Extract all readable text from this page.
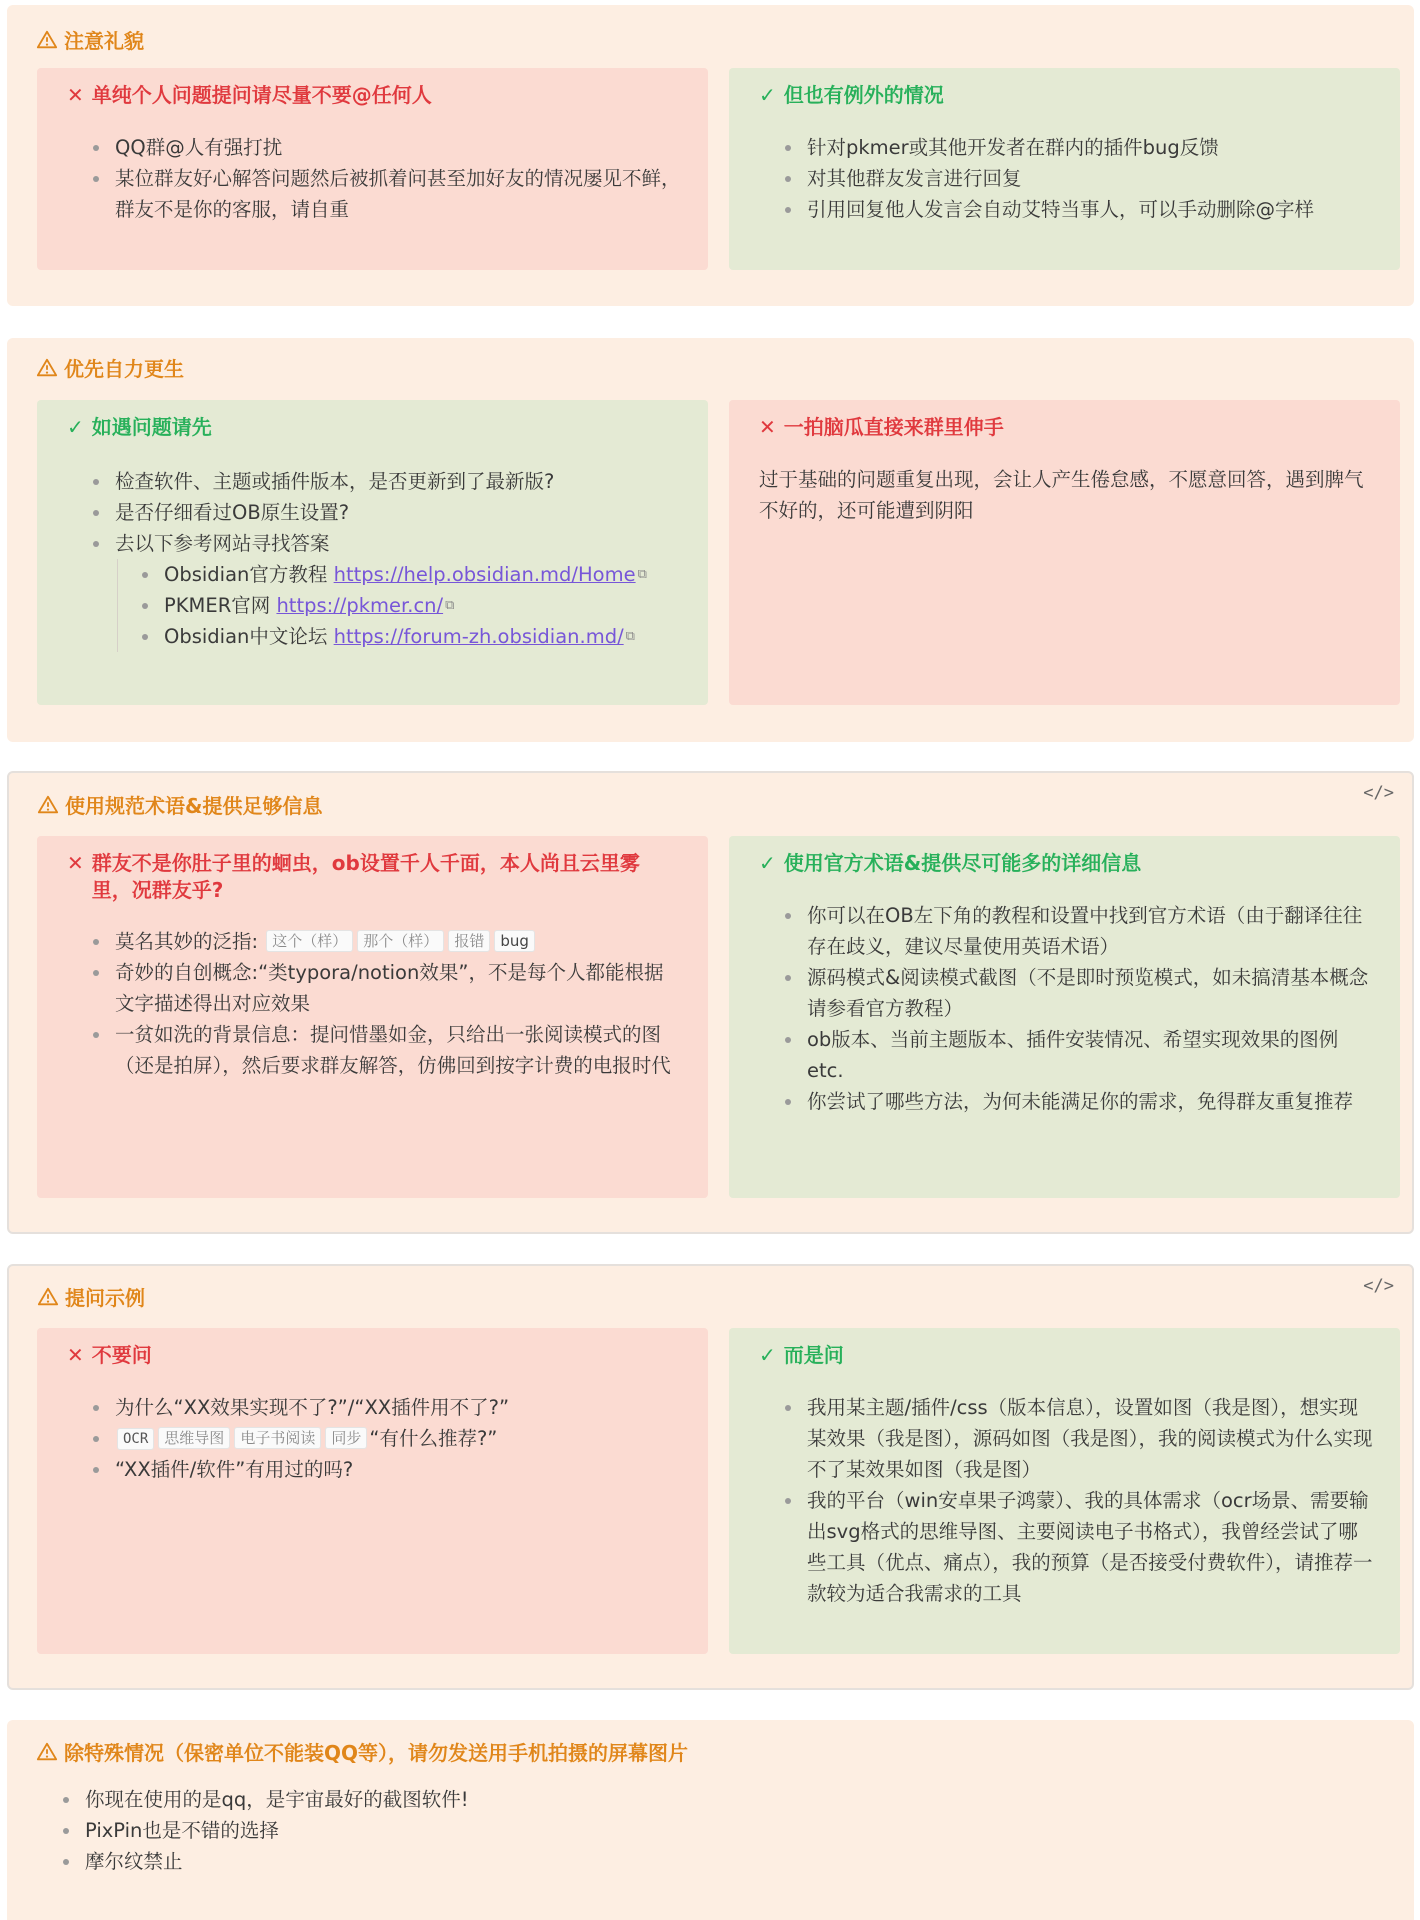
注意礼貌
✕ 单纯个人问题提问请尽量不要@任何人
QQ群@人有强打扰
某位群友好心解答问题然后被抓着问甚至加好友的情况屡见不鲜，群友不是你的客服，请自重
✓ 但也有例外的情况
针对pkmer或其他开发者在群内的插件bug反馈
对其他群友发言进行回复
引用回复他人发言会自动艾特当事人，可以手动删除@字样
优先自力更生
✓ 如遇问题请先
检查软件、主题或插件版本，是否更新到了最新版?
是否仔细看过OB原生设置?
去以下参考网站寻找答案
Obsidian官方教程 https://help.obsidian.md/Home ⧉
PKMER官网 https://pkmer.cn/ ⧉
Obsidian中文论坛 https://forum-zh.obsidian.md/ ⧉
✕ 一拍脑瓜直接来群里伸手
过于基础的问题重复出现，会让人产生倦怠感，不愿意回答，遇到脾气不好的，还可能遭到阴阳
</>
使用规范术语&提供足够信息
✕ 群友不是你肚子里的蛔虫，ob设置千人千面，本人尚且云里雾里，况群友乎?
莫名其妙的泛指: 这个（样） 那个（样） 报错 bug
奇妙的自创概念:“类typora/notion效果”，不是每个人都能根据文字描述得出对应效果
一贫如洗的背景信息：提问惜墨如金，只给出一张阅读模式的图（还是拍屏），然后要求群友解答，仿佛回到按字计费的电报时代
✓ 使用官方术语&提供尽可能多的详细信息
你可以在OB左下角的教程和设置中找到官方术语（由于翻译往往存在歧义，建议尽量使用英语术语）
源码模式&阅读模式截图（不是即时预览模式，如未搞清基本概念请参看官方教程）
ob版本、当前主题版本、插件安装情况、希望实现效果的图例etc.
你尝试了哪些方法，为何未能满足你的需求，免得群友重复推荐
</>
提问示例
✕ 不要问
为什么“XX效果实现不了?”/“XX插件用不了?”
OCR 思维导图 电子书阅读 同步 “有什么推荐?”
“XX插件/软件”有用过的吗?
✓ 而是问
我用某主题/插件/css（版本信息），设置如图（我是图），想实现某效果（我是图），源码如图（我是图），我的阅读模式为什么实现不了某效果如图（我是图）
我的平台（win安卓果子鸿蒙）、我的具体需求（ocr场景、需要输出svg格式的思维导图、主要阅读电子书格式），我曾经尝试了哪些工具（优点、痛点），我的预算（是否接受付费软件），请推荐一款较为适合我需求的工具
除特殊情况（保密单位不能装QQ等），请勿发送用手机拍摄的屏幕图片
你现在使用的是qq，是宇宙最好的截图软件!
PixPin也是不错的选择
摩尔纹禁止
